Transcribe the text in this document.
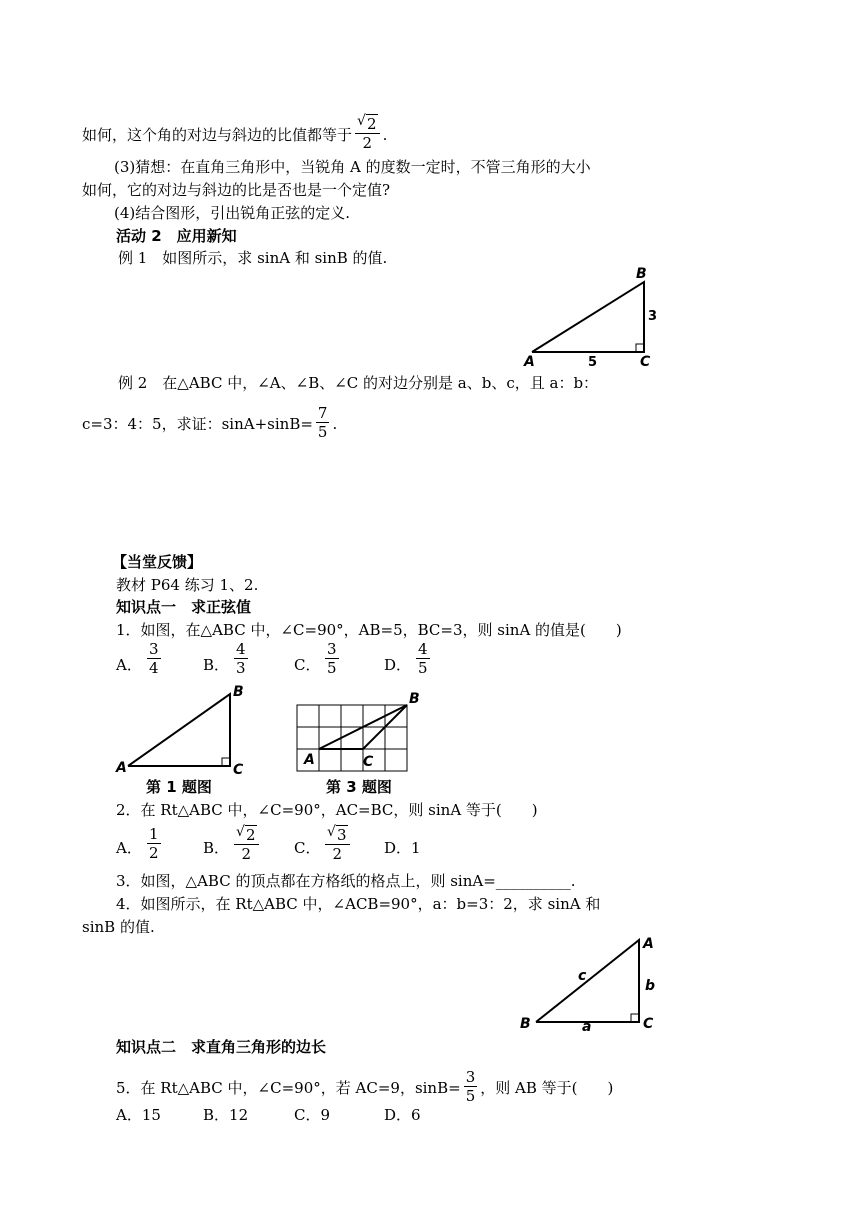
如何，这个角的对边与斜边的比值都等于 $\frac{√ 2}{2}$ .
(3)猜想：在直角三角形中，当锐角 A 的度数一定时，不管三角形的大小
如何，它的对边与斜边的比是否也是一个定值?
(4)结合图形，引出锐角正弦的定义.
活动 2　应用新知
例 1　如图所示，求 sinA 和 sinB 的值.
B
3
A	5	C
例 2　在△ABC 中，∠A、∠B、∠C 的对边分别是 a、b、c，且 a：b：
c=3：4：5，求证：$\sin A+\sin B= \frac{7}{5}$ .
【当堂反馈】
教材 P64 练习 1、2.
知识点一　求正弦值
1．如图，在△ABC 中，∠C=90°，AB=5，BC=3，则 sinA 的值是(　　)
A． $\frac{3}{4}$	B． $\frac{4}{3}$	C． $\frac{3}{5}$	D． $\frac{4}{5}$
B
A	C
第 1 题图
B
A	C
第 3 题图
2．在 Rt△ABC 中，∠C=90°，AC=BC，则 sinA 等于(　　)
A． $\frac{1}{2}$	B． $\frac{√ 2}{2}$ C． $\frac{√ 3}{2}$ D．1
3．如图，△ABC 的顶点都在方格纸的格点上，则 sinA=__________.
4．如图所示，在 Rt△ABC 中，∠ACB=90°，a：b=3：2，求 sinA 和
sinB 的值.
A
c
b
B	a	C
知识点二　求直角三角形的边长
5．在 Rt△ABC 中，∠C=90°，若 AC=9，$\sin B= \frac{3}{5}$ ，则 AB 等于(　　)
A．15	B．12	C．9	D．6
